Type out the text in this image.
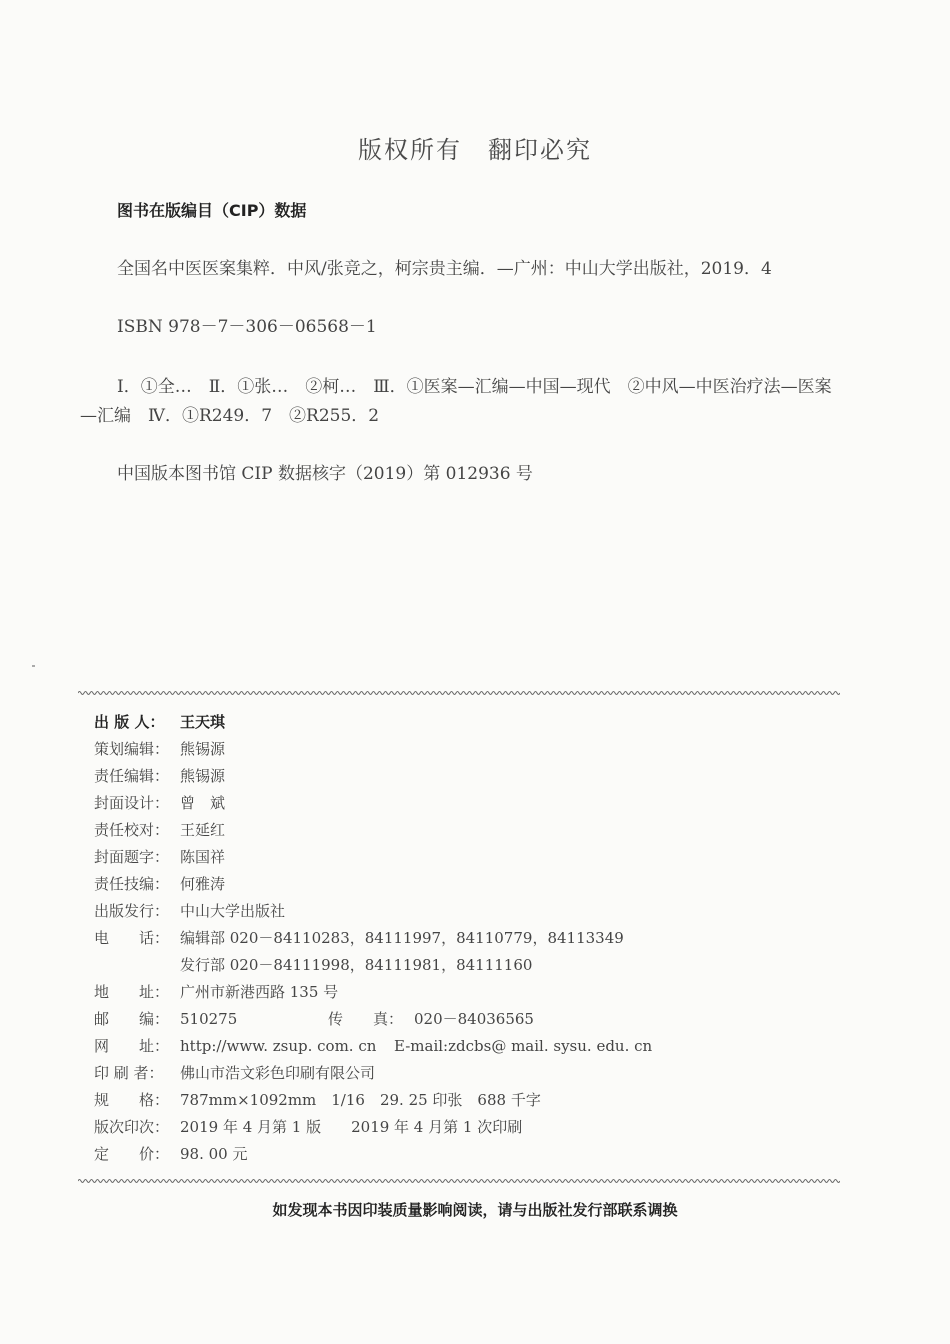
版权所有　翻印必究
图书在版编目（CIP）数据
全国名中医医案集粹．中风/张竞之，柯宗贵主编．—广州：中山大学出版社，2019．4
ISBN 978－7－306－06568－1
Ⅰ．①全…　Ⅱ．①张…　②柯…　Ⅲ．①医案—汇编—中国—现代　②中风—中医治疗法—医案—汇编　Ⅳ．①R249．7　②R255．2
中国版本图书馆 CIP 数据核字（2019）第 012936 号
出 版 人： 王天琪
策划编辑： 熊锡源
责任编辑： 熊锡源
封面设计： 曾　斌
责任校对： 王延红
封面题字： 陈国祥
责任技编： 何雅涛
出版发行： 中山大学出版社
电　　话： 编辑部 020－84110283，84111997，84110779，84113349
发行部 020－84111998，84111981，84111160
地　　址： 广州市新港西路 135 号
邮　　编： 510275	传　　真： 020－84036565
网　　址： http://www. zsup. com. cn E-mail:zdcbs@ mail. sysu. edu. cn
印 刷 者： 佛山市浩文彩色印刷有限公司
规　　格： 787mm×1092mm　1/16　29. 25 印张　688 千字
版次印次： 2019 年 4 月第 1 版　　2019 年 4 月第 1 次印刷
定　　价： 98. 00 元
如发现本书因印装质量影响阅读，请与出版社发行部联系调换
